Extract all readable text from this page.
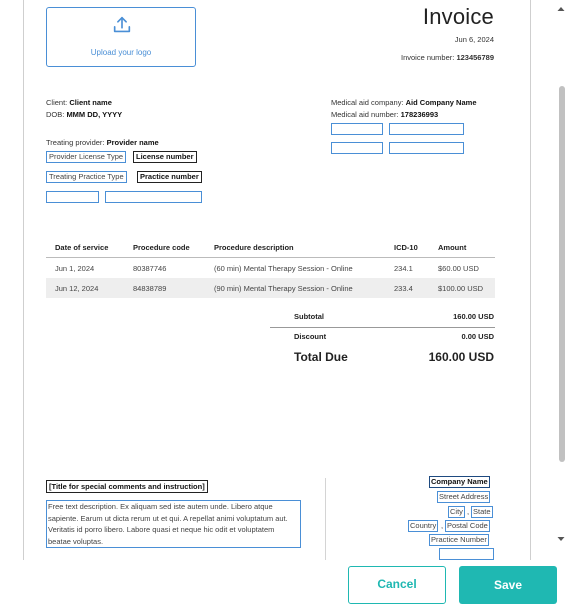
Upload your logo
Invoice
Jun 6, 2024
Invoice number: 123456789
Client: Client name
DOB: MMM DD, YYYY
Treating provider: Provider name
Provider License Type	License number
Treating Practice Type	Practice number
Medical aid company: Aid Company Name
Medical aid number: 178236993
Date of service	Procedure code	Procedure description	ICD-10	Amount
Jun 1, 2024	80387746	(60 min) Mental Therapy Session - Online	234.1	$60.00 USD
Jun 12, 2024	84838789	(90 min) Mental Therapy Session - Online	233.4	$100.00 USD
Subtotal	160.00 USD
Discount	0.00 USD
Total Due	160.00 USD
[Title for special comments and instruction]
Free text description. Ex aliquam sed iste autem unde. Libero atque sapiente. Earum ut dicta rerum ut et qui. A repellat animi voluptatum aut. Veritatis id porro libero. Labore quasi et neque hic odit et voluptatem beatae voluptas.
Company Name
Street Address
City , State
Country , Postal Code
Practice Number
Cancel	Save
